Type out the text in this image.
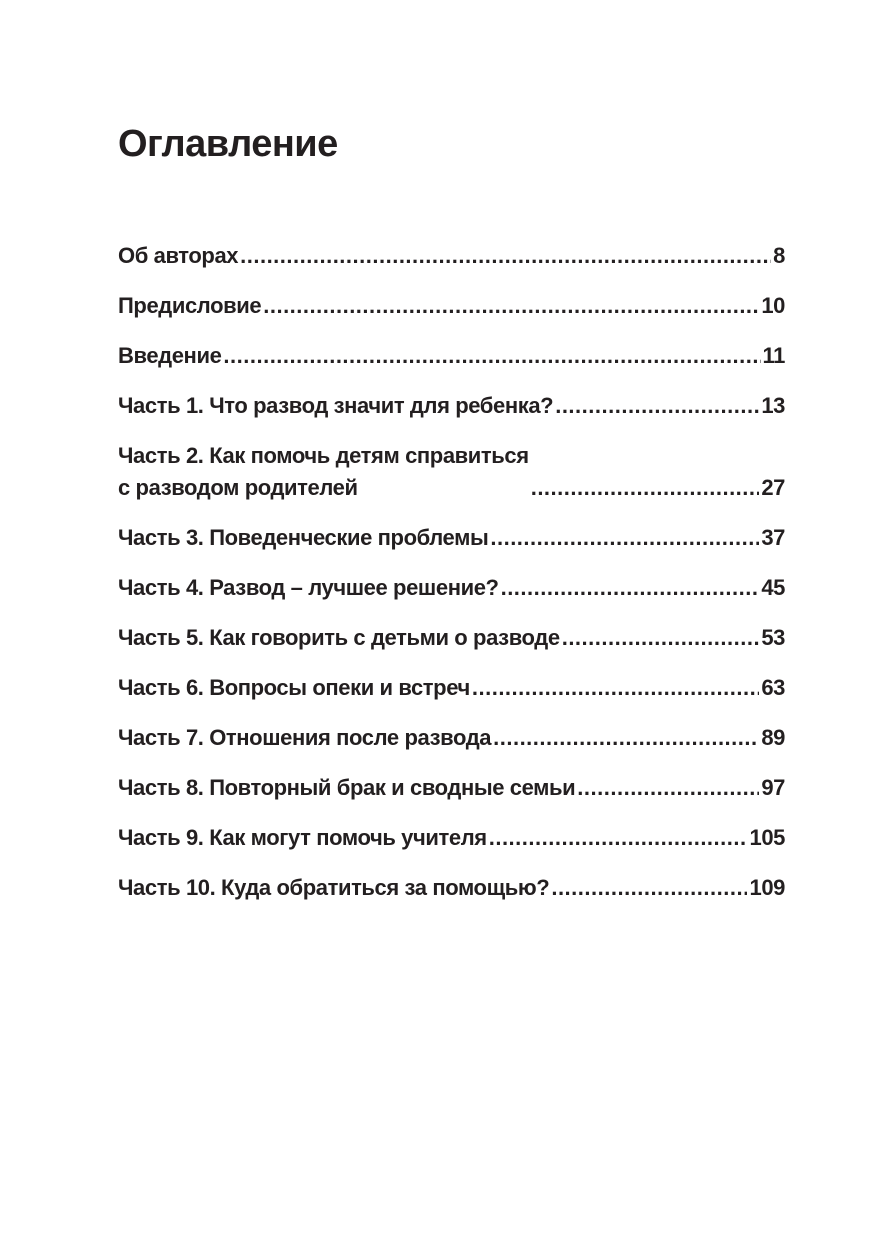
Оглавление
Об авторах .....	8
Предисловие .....	10
Введение .....	11
Часть 1. Что развод значит для ребенка? .....	13
Часть 2. Как помочь детям справиться
с разводом родителей .....	27
Часть 3. Поведенческие проблемы .....	37
Часть 4. Развод – лучшее решение? .....	45
Часть 5. Как говорить с детьми о разводе .....	53
Часть 6. Вопросы опеки и встреч .....	63
Часть 7. Отношения после развода .....	89
Часть 8. Повторный брак и сводные семьи .....	97
Часть 9. Как могут помочь учителя .....	105
Часть 10. Куда обратиться за помощью? .....	109
